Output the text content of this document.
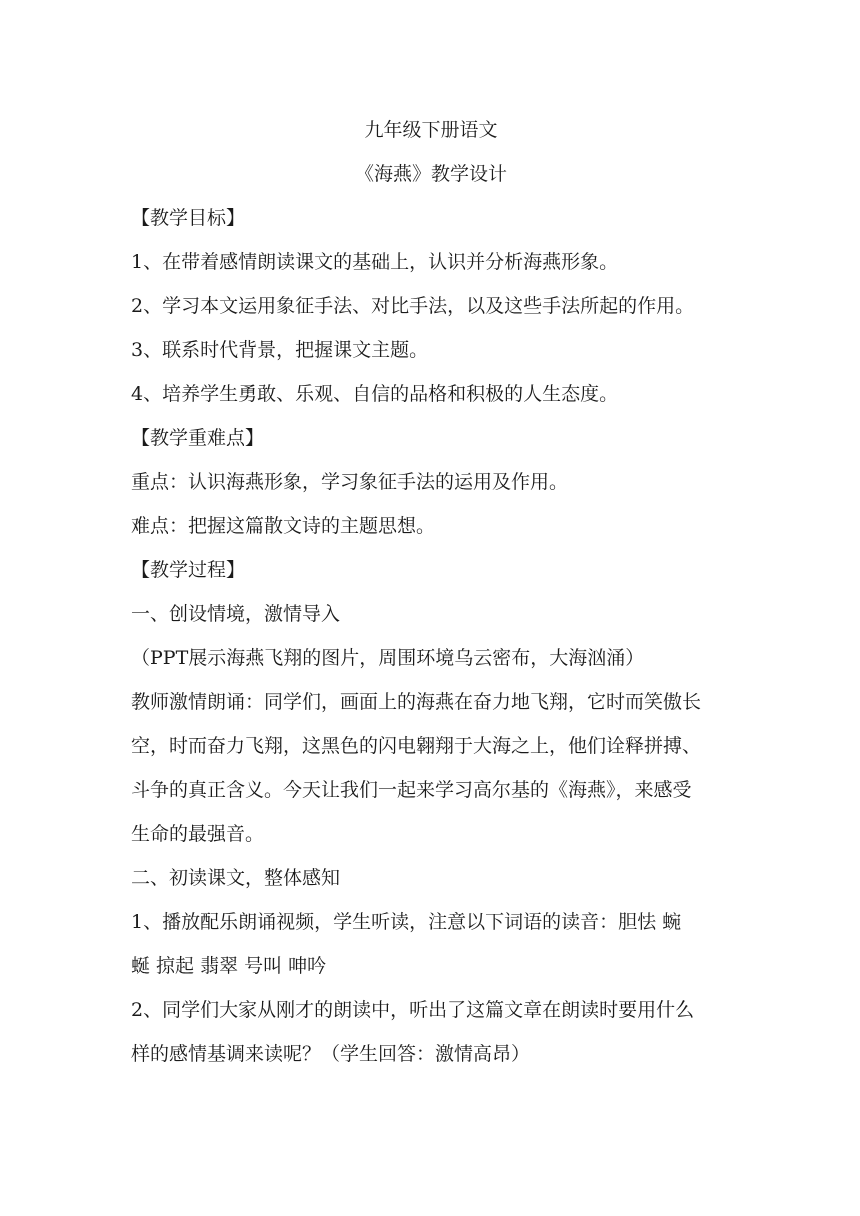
九年级下册语文

《海燕》教学设计

【教学目标】

1、在带着感情朗读课文的基础上，认识并分析海燕形象。

2、学习本文运用象征手法、对比手法，以及这些手法所起的作用。

3、联系时代背景，把握课文主题。

4、培养学生勇敢、乐观、自信的品格和积极的人生态度。

【教学重难点】

重点：认识海燕形象，学习象征手法的运用及作用。

难点：把握这篇散文诗的主题思想。

【教学过程】

一、创设情境，激情导入

（PPT展示海燕飞翔的图片，周围环境乌云密布，大海汹涌）

教师激情朗诵：同学们，画面上的海燕在奋力地飞翔，它时而笑傲长

空，时而奋力飞翔，这黑色的闪电翱翔于大海之上，他们诠释拼搏、

斗争的真正含义。今天让我们一起来学习高尔基的《海燕》，来感受

生命的最强音。

二、初读课文，整体感知

1、播放配乐朗诵视频，学生听读，注意以下词语的读音：胆怯 蜿

蜒 掠起 翡翠 号叫 呻吟

2、同学们大家从刚才的朗读中，听出了这篇文章在朗读时要用什么

样的感情基调来读呢？（学生回答：激情高昂）
